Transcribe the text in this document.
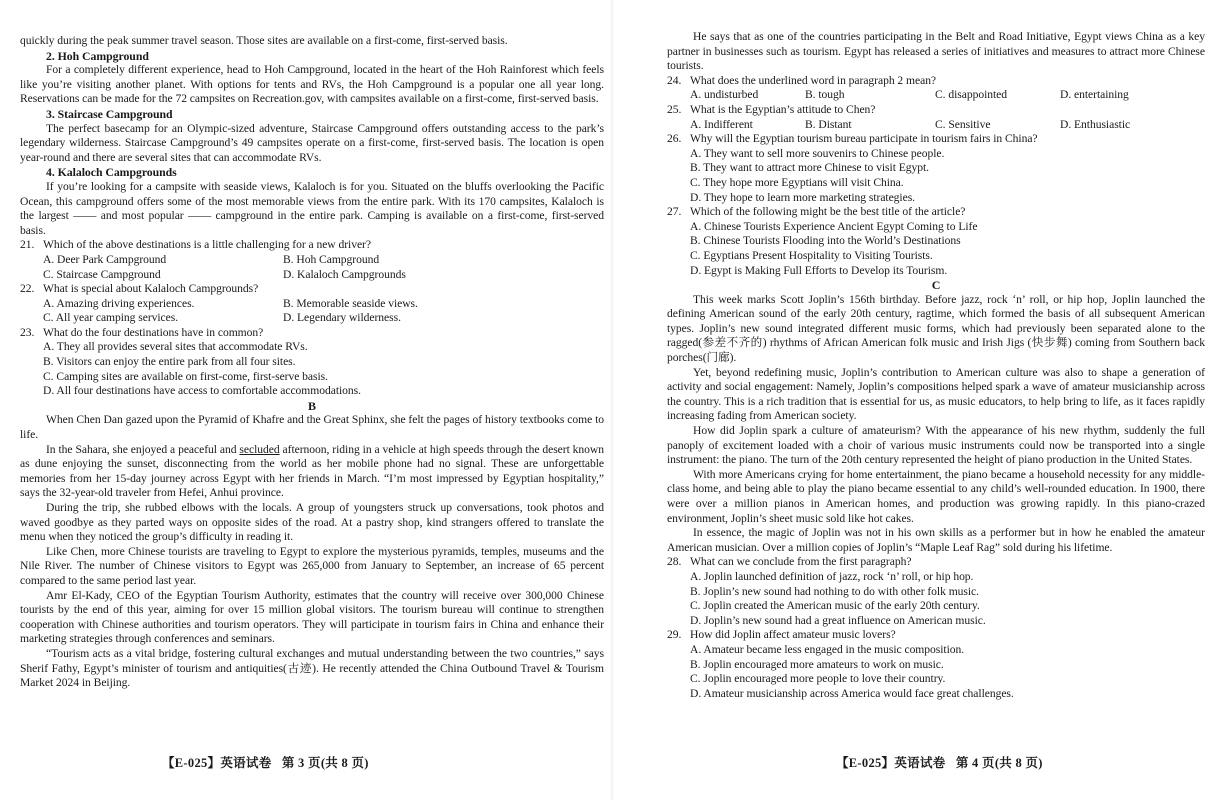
quickly during the peak summer travel season. Those sites are available on a first-come, first-served basis.

2. Hoh Campground

For a completely different experience, head to Hoh Campground, located in the heart of the Hoh Rainforest which feels like you’re visiting another planet. With options for tents and RVs, the Hoh Campground is a popular one all year long. Reservations can be made for the 72 campsites on Recreation.gov, with campsites available on a first-come, first-served basis.

3. Staircase Campground

The perfect basecamp for an Olympic-sized adventure, Staircase Campground offers outstanding access to the park’s legendary wilderness. Staircase Campground’s 49 campsites operate on a first-come, first-served basis. The location is open year-round and there are several sites that can accommodate RVs.

4. Kalaloch Campgrounds

If you’re looking for a campsite with seaside views, Kalaloch is for you. Situated on the bluffs overlooking the Pacific Ocean, this campground offers some of the most memorable views from the entire park. With its 170 campsites, Kalaloch is the largest —— and most popular —— campground in the entire park. Camping is available on a first-come, first-served basis.

21. Which of the above destinations is a little challenging for a new driver?
A. Deer Park Campground	B. Hoh Campground
C. Staircase Campground	D. Kalaloch Campgrounds
22. What is special about Kalaloch Campgrounds?
A. Amazing driving experiences.	B. Memorable seaside views.
C. All year camping services.	D. Legendary wilderness.
23. What do the four destinations have in common?
A. They all provides several sites that accommodate RVs.
B. Visitors can enjoy the entire park from all four sites.
C. Camping sites are available on first-come, first-serve basis.
D. All four destinations have access to comfortable accommodations.

B

When Chen Dan gazed upon the Pyramid of Khafre and the Great Sphinx, she felt the pages of history textbooks come to life.

In the Sahara, she enjoyed a peaceful and secluded afternoon, riding in a vehicle at high speeds through the desert known as dune enjoying the sunset, disconnecting from the world as her mobile phone had no signal. These are unforgettable memories from her 15-day journey across Egypt with her friends in March. “I’m most impressed by Egyptian hospitality,” says the 32-year-old traveler from Hefei, Anhui province.

During the trip, she rubbed elbows with the locals. A group of youngsters struck up conversations, took photos and waved goodbye as they parted ways on opposite sides of the road. At a pastry shop, kind strangers offered to translate the menu when they noticed the group’s difficulty in reading it.

Like Chen, more Chinese tourists are traveling to Egypt to explore the mysterious pyramids, temples, museums and the Nile River. The number of Chinese visitors to Egypt was 265,000 from January to September, an increase of 65 percent compared to the same period last year.

Amr El-Kady, CEO of the Egyptian Tourism Authority, estimates that the country will receive over 300,000 Chinese tourists by the end of this year, aiming for over 15 million global visitors. The tourism bureau will continue to strengthen cooperation with Chinese authorities and tourism operators. They will participate in tourism fairs in China and enhance their marketing strategies through conferences and seminars.

“Tourism acts as a vital bridge, fostering cultural exchanges and mutual understanding between the two countries,” says Sherif Fathy, Egypt’s minister of tourism and antiquities(古迹). He recently attended the China Outbound Travel & Tourism Market 2024 in Beijing.

【E-025】英语试卷   第 3 页(共 8 页)

He says that as one of the countries participating in the Belt and Road Initiative, Egypt views China as a key partner in businesses such as tourism. Egypt has released a series of initiatives and measures to attract more Chinese tourists.

24. What does the underlined word in paragraph 2 mean?
A. undisturbed	B. tough	C. disappointed	D. entertaining
25. What is the Egyptian’s attitude to Chen?
A. Indifferent	B. Distant	C. Sensitive	D. Enthusiastic
26. Why will the Egyptian tourism bureau participate in tourism fairs in China?
A. They want to sell more souvenirs to Chinese people.
B. They want to attract more Chinese to visit Egypt.
C. They hope more Egyptians will visit China.
D. They hope to learn more marketing strategies.
27. Which of the following might be the best title of the article?
A. Chinese Tourists Experience Ancient Egypt Coming to Life
B. Chinese Tourists Flooding into the World’s Destinations
C. Egyptians Present Hospitality to Visiting Tourists.
D. Egypt is Making Full Efforts to Develop its Tourism.

C

This week marks Scott Joplin’s 156th birthday. Before jazz, rock ‘n’ roll, or hip hop, Joplin launched the defining American sound of the early 20th century, ragtime, which formed the basis of all subsequent American types. Joplin’s new sound integrated different music forms, which had previously been separated alone to the ragged(参差不齐的) rhythms of African American folk music and Irish Jigs (快步舞) coming from Southern back porches(门廊).

Yet, beyond redefining music, Joplin’s contribution to American culture was also to shape a generation of activity and social engagement: Namely, Joplin’s compositions helped spark a wave of amateur musicianship across the country. This is a rich tradition that is essential for us, as music educators, to help bring to life, as it faces rapidly increasing fading from American society.

How did Joplin spark a culture of amateurism? With the appearance of his new rhythm, suddenly the full panoply of excitement loaded with a choir of various music instruments could now be transported into a single instrument: the piano. The turn of the 20th century represented the height of piano production in the United States.

With more Americans crying for home entertainment, the piano became a household necessity for any middle-class home, and being able to play the piano became essential to any child’s well-rounded education. In 1900, there were over a million pianos in American homes, and production was growing rapidly. In this piano-crazed environment, Joplin’s sheet music sold like hot cakes.

In essence, the magic of Joplin was not in his own skills as a performer but in how he enabled the amateur American musician. Over a million copies of Joplin’s “Maple Leaf Rag” sold during his lifetime.

28. What can we conclude from the first paragraph?
A. Joplin launched definition of jazz, rock ‘n’ roll, or hip hop.
B. Joplin’s new sound had nothing to do with other folk music.
C. Joplin created the American music of the early 20th century.
D. Joplin’s new sound had a great influence on American music.
29. How did Joplin affect amateur music lovers?
A. Amateur became less engaged in the music composition.
B. Joplin encouraged more amateurs to work on music.
C. Joplin encouraged more people to love their country.
D. Amateur musicianship across America would face great challenges.
【E-025】英语试卷   第 4 页(共 8 页)
